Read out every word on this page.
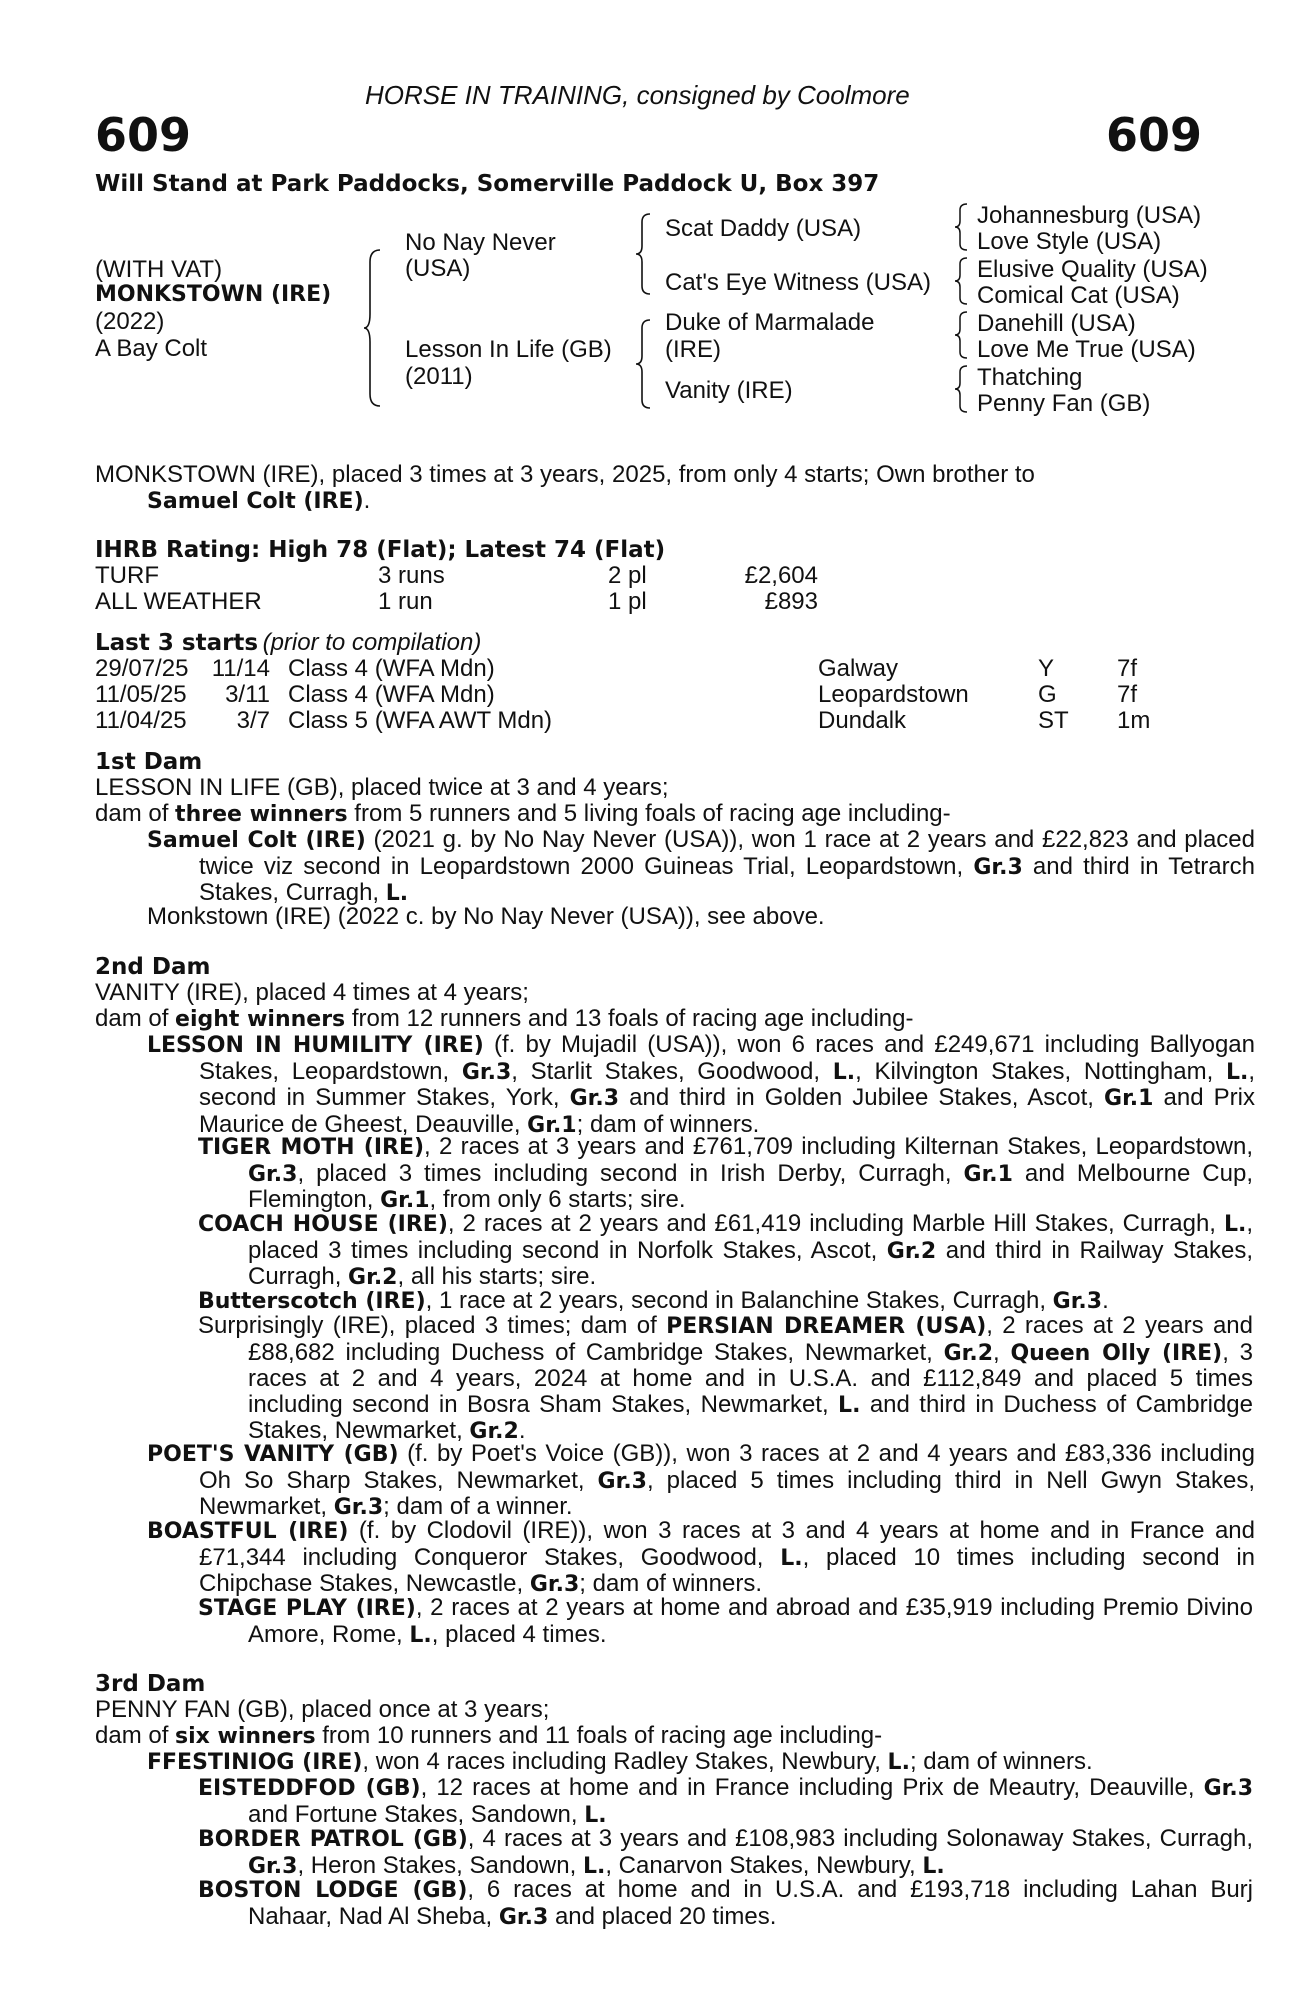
HORSE IN TRAINING, consigned by Coolmore
609	609
Will Stand at Park Paddocks, Somerville Paddock U, Box 397
(WITH VAT)
MONKSTOWN (IRE)
(2022)
A Bay Colt
No Nay Never
(USA)
Lesson In Life (GB)
(2011)
Scat Daddy (USA)
Cat's Eye Witness (USA)
Duke of Marmalade
(IRE)
Vanity (IRE)
Johannesburg (USA)
Love Style (USA)
Elusive Quality (USA)
Comical Cat (USA)
Danehill (USA)
Love Me True (USA)
Thatching
Penny Fan (GB)
MONKSTOWN (IRE), placed 3 times at 3 years, 2025, from only 4 starts; Own brother to
Samuel Colt (IRE).
IHRB Rating: High 78 (Flat); Latest 74 (Flat)
TURF	3 runs	2 pl	£2,604
ALL WEATHER	1 run	1 pl	£893
Last 3 starts (prior to compilation)
29/07/25 11/14 Class 4 (WFA Mdn)	Galway	Y	7f
11/05/25	3/11 Class 4 (WFA Mdn)	Leopardstown	G	7f
11/04/25	3/7 Class 5 (WFA AWT Mdn)	Dundalk	ST 1m
1st Dam
LESSON IN LIFE (GB), placed twice at 3 and 4 years;
dam of three winners from 5 runners and 5 living foals of racing age including-
Samuel Colt (IRE) (2021 g. by No Nay Never (USA)), won 1 race at 2 years and £22,823 and placed twice viz second in Leopardstown 2000 Guineas Trial, Leopardstown, Gr.3 and third in Tetrarch Stakes, Curragh, L.
Monkstown (IRE) (2022 c. by No Nay Never (USA)), see above.
2nd Dam
VANITY (IRE), placed 4 times at 4 years;
dam of eight winners from 12 runners and 13 foals of racing age including-
LESSON IN HUMILITY (IRE) (f. by Mujadil (USA)), won 6 races and £249,671 including Ballyogan Stakes, Leopardstown, Gr.3, Starlit Stakes, Goodwood, L., Kilvington Stakes, Nottingham, L., second in Summer Stakes, York, Gr.3 and third in Golden Jubilee Stakes, Ascot, Gr.1 and Prix Maurice de Gheest, Deauville, Gr.1; dam of winners.
TIGER MOTH (IRE), 2 races at 3 years and £761,709 including Kilternan Stakes, Leopardstown, Gr.3, placed 3 times including second in Irish Derby, Curragh, Gr.1 and Melbourne Cup, Flemington, Gr.1, from only 6 starts; sire.
COACH HOUSE (IRE), 2 races at 2 years and £61,419 including Marble Hill Stakes, Curragh, L., placed 3 times including second in Norfolk Stakes, Ascot, Gr.2 and third in Railway Stakes, Curragh, Gr.2, all his starts; sire.
Butterscotch (IRE), 1 race at 2 years, second in Balanchine Stakes, Curragh, Gr.3.
Surprisingly (IRE), placed 3 times; dam of PERSIAN DREAMER (USA), 2 races at 2 years and £88,682 including Duchess of Cambridge Stakes, Newmarket, Gr.2, Queen Olly (IRE), 3 races at 2 and 4 years, 2024 at home and in U.S.A. and £112,849 and placed 5 times including second in Bosra Sham Stakes, Newmarket, L. and third in Duchess of Cambridge Stakes, Newmarket, Gr.2.
POET'S VANITY (GB) (f. by Poet's Voice (GB)), won 3 races at 2 and 4 years and £83,336 including Oh So Sharp Stakes, Newmarket, Gr.3, placed 5 times including third in Nell Gwyn Stakes, Newmarket, Gr.3; dam of a winner.
BOASTFUL (IRE) (f. by Clodovil (IRE)), won 3 races at 3 and 4 years at home and in France and £71,344 including Conqueror Stakes, Goodwood, L., placed 10 times including second in Chipchase Stakes, Newcastle, Gr.3; dam of winners.
STAGE PLAY (IRE), 2 races at 2 years at home and abroad and £35,919 including Premio Divino Amore, Rome, L., placed 4 times.
3rd Dam
PENNY FAN (GB), placed once at 3 years;
dam of six winners from 10 runners and 11 foals of racing age including-
FFESTINIOG (IRE), won 4 races including Radley Stakes, Newbury, L.; dam of winners.
EISTEDDFOD (GB), 12 races at home and in France including Prix de Meautry, Deauville, Gr.3 and Fortune Stakes, Sandown, L.
BORDER PATROL (GB), 4 races at 3 years and £108,983 including Solonaway Stakes, Curragh, Gr.3, Heron Stakes, Sandown, L., Canarvon Stakes, Newbury, L.
BOSTON LODGE (GB), 6 races at home and in U.S.A. and £193,718 including Lahan Burj Nahaar, Nad Al Sheba, Gr.3 and placed 20 times.
